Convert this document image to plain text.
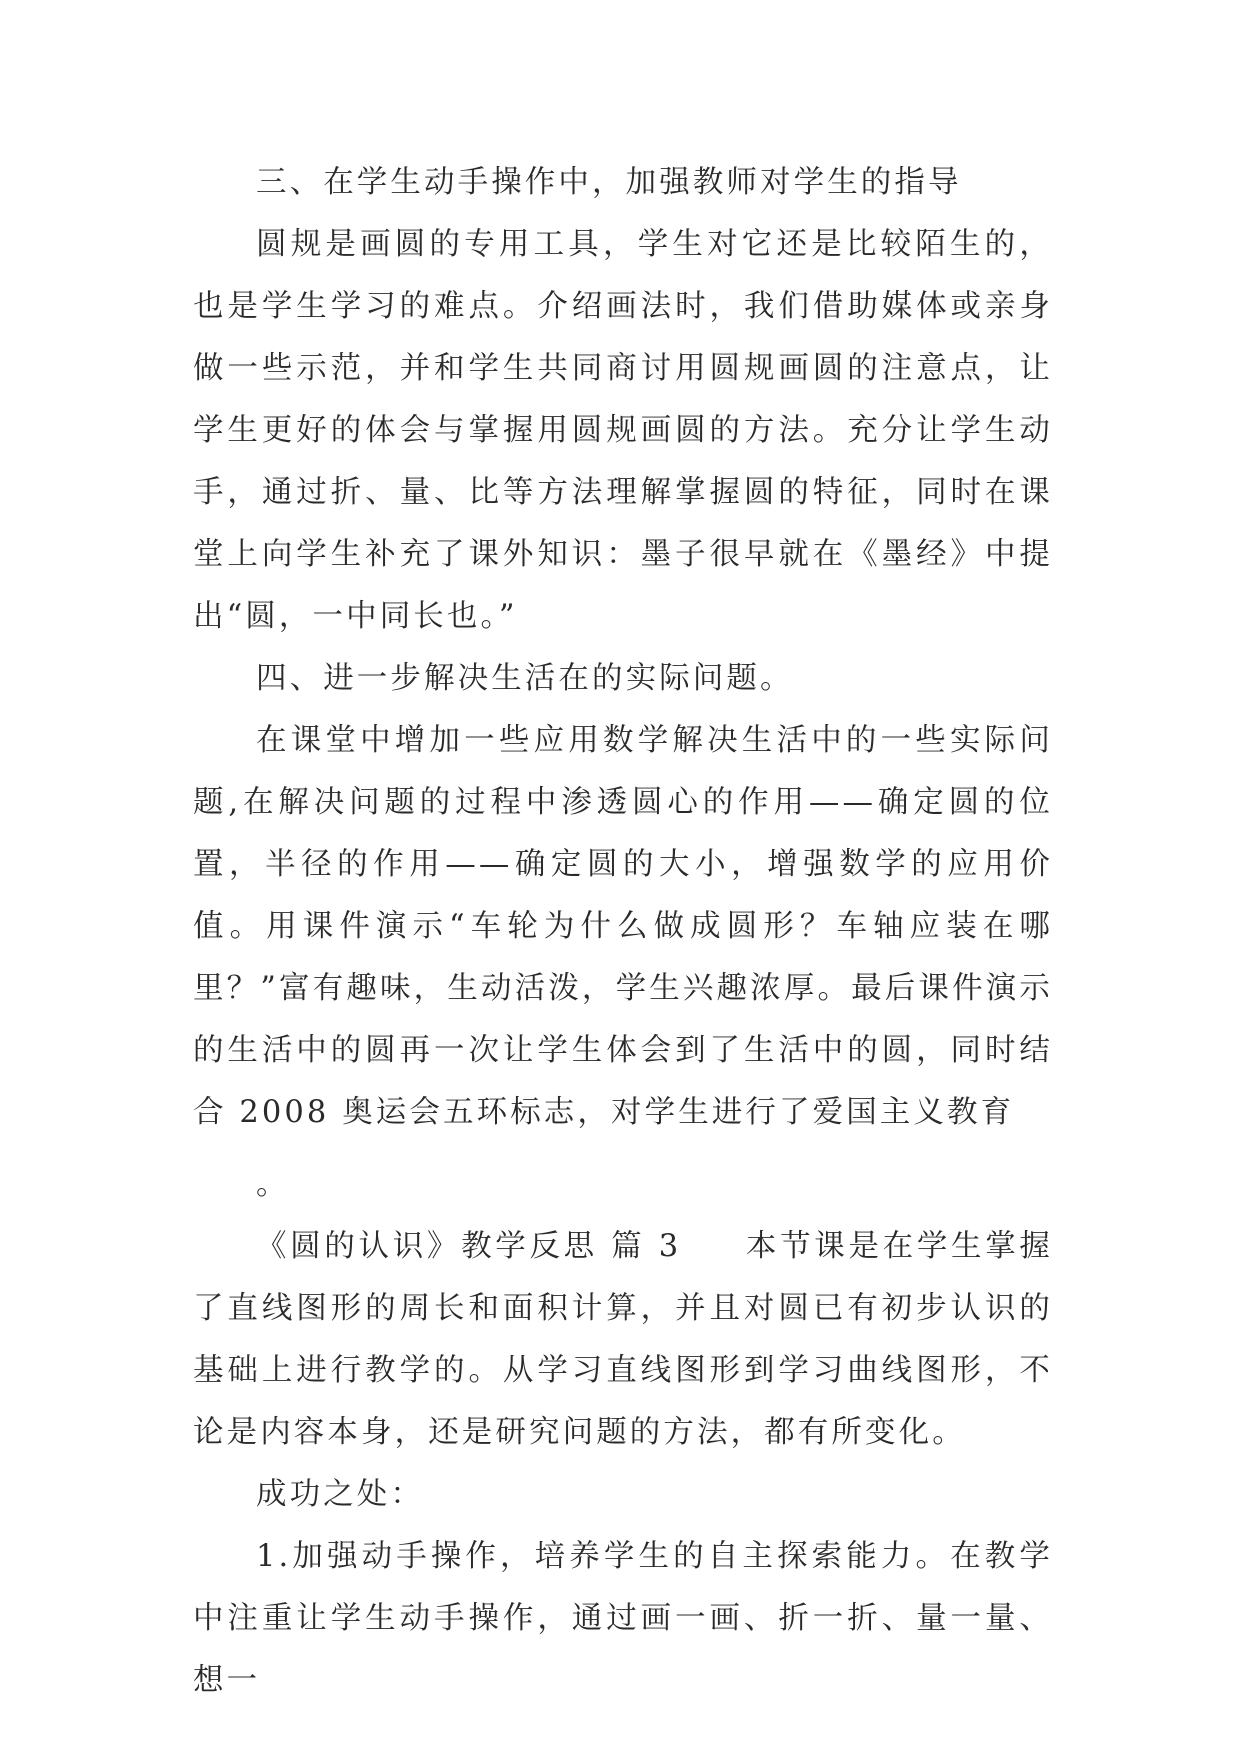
三、在学生动手操作中，加强教师对学生的指导

圆规是画圆的专用工具，学生对它还是比较陌生的，也是学生学习的难点。介绍画法时，我们借助媒体或亲身做一些示范，并和学生共同商讨用圆规画圆的注意点，让学生更好的体会与掌握用圆规画圆的方法。充分让学生动手，通过折、量、比等方法理解掌握圆的特征，同时在课堂上向学生补充了课外知识：墨子很早就在《墨经》中提出“圆，一中同长也。”

四、进一步解决生活在的实际问题。

在课堂中增加一些应用数学解决生活中的一些实际问题,在解决问题的过程中渗透圆心的作用——确定圆的位置，半径的作用——确定圆的大小，增强数学的应用价值。用课件演示“车轮为什么做成圆形？车轴应装在哪里？”富有趣味，生动活泼，学生兴趣浓厚。最后课件演示的生活中的圆再一次让学生体会到了生活中的圆，同时结合 2008 奥运会五环标志，对学生进行了爱国主义教育

。

《圆的认识》教学反思 篇 3 本节课是在学生掌握了直线图形的周长和面积计算，并且对圆已有初步认识的基础上进行教学的。从学习直线图形到学习曲线图形，不论是内容本身，还是研究问题的方法，都有所变化。

成功之处：

1.加强动手操作，培养学生的自主探索能力。在教学中注重让学生动手操作，通过画一画、折一折、量一量、想一
